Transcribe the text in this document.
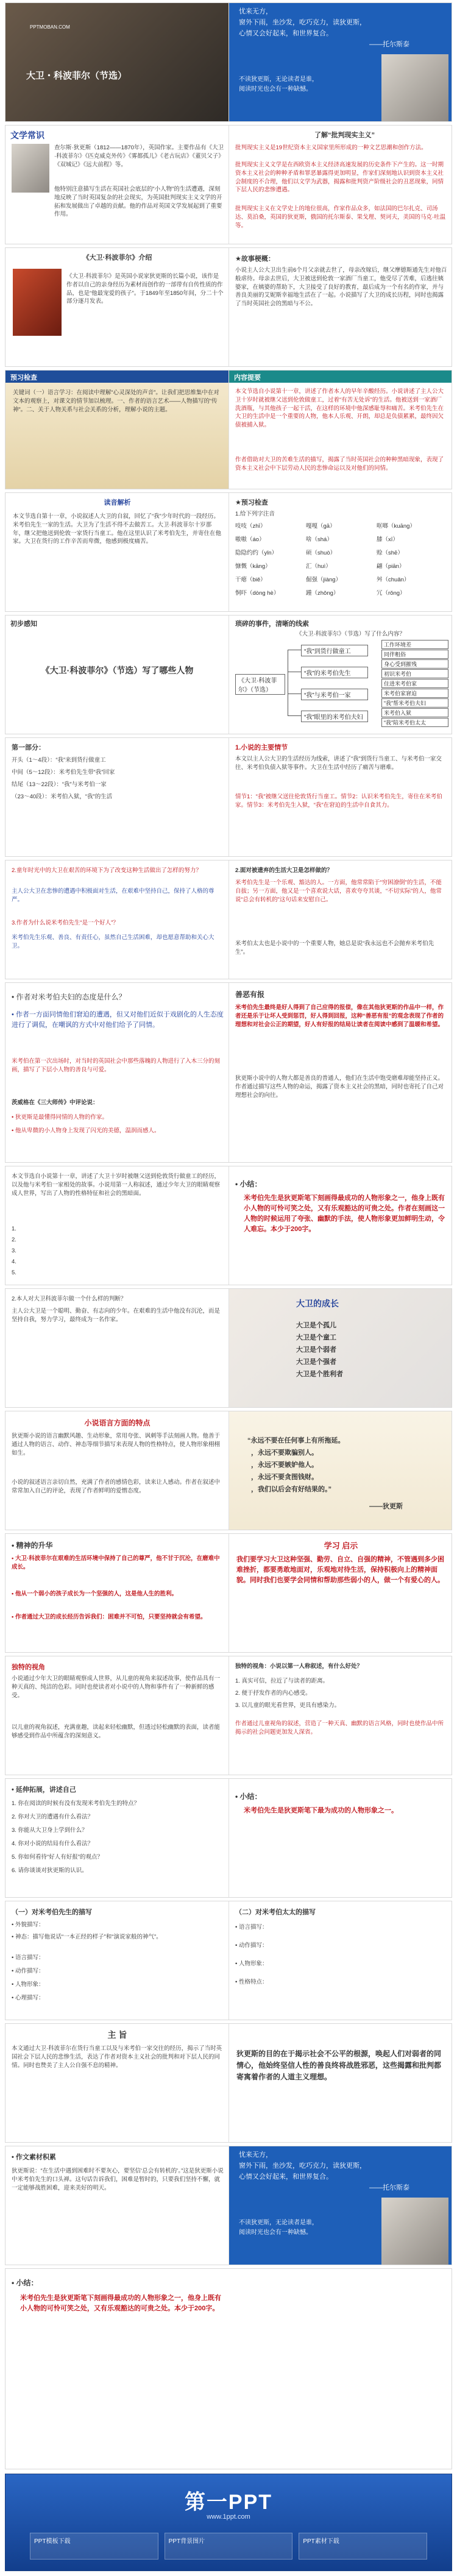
PPTMOBAN.COM
大卫・科波菲尔（节选）
忧来无方，
窗外下雨，坐沙发，吃巧克力，读狄更斯，
心情又会好起来，和世界复合。
——托尔斯泰
不读狄更斯，无论读者是谁，
阅读时光也会有一种缺憾。
文学常识
查尔斯·狄更斯（1812——1870年），英国作家。主要作品有《大卫·科波菲尔》《匹克威克外传》《雾都孤儿》《老古玩店》《董贝父子》《双城记》《远大前程》等。
他特别注意描写生活在英国社会底层的“小人物”的生活遭遇，深刻地反映了当时英国复杂的社会现实，为英国批判现实主义文学的开拓和发展做出了卓越的贡献。他的作品对英国文学发展起到了重要作用。
了解“批判现实主义”
批判现实主义是19世纪资本主义国家里所形成的一种文艺思潮和创作方法。
批判现实主义文学是在西欧资本主义经济高速发展的历史条件下产生的。这一时期资本主义社会的种种矛盾和罪恶暴露得更加明显，作家们深刻地认识到资本主义社会制度的不合理，他们以文学为武器，揭露和批判资产阶级社会的丑恶现象，同情下层人民的悲惨遭遇。
批判现实主义在文学史上的地位很高，作家作品众多，如法国的巴尔扎克、司汤达、莫泊桑，英国的狄更斯，俄国的托尔斯泰、果戈理、契诃夫，美国的马克·吐温等。
《大卫·科波菲尔》介绍
《大卫·科波菲尔》是英国小说家狄更斯的长篇小说，该作是作者以自己的亲身经历为素材而创作的一部带有自传性质的作品，也是“他最宠爱的孩子”。于1849年至1850年间，分二十个部分逐月发表。
★故事梗概：
小说主人公大卫出生前6个月父亲就去世了，母亲改嫁后，继父摩德斯通先生对他百般虐待。母亲去世后，大卫被送到伦敦一家酒厂当童工，他受尽了苦难，后逃往姨婆家，在姨婆的帮助下，大卫接受了良好的教育，最后成为一个有名的作家，并与善良美丽的艾妮斯幸福地生活在了一起。小说描写了大卫的成长历程，同时也揭露了当时英国社会的黑暗与不公。
预习检查
关键词（一）语言学习：在阅读中理解“心灵深处的声音”。让我们把思维集中在对文本的观察上，对课文的情节加以梳理。一、作者的语言艺术——人物描写的“传神”。二、关于人物关系与社会关系的分析，理解小说的主题。
内容提要
本文节选自小说第十一章，讲述了作者本人的早年辛酸经历。小说讲述了主人公大卫十岁时就被继父送到伦敦做童工，过着“有苦无处诉”的生活。他被送到一家酒厂洗酒瓶，与其他孩子一起干活，在这样的环境中他深感耻辱和痛苦。米考伯先生在大卫的生活中是一个重要的人物，他本人乐观、开朗，却总是负债累累，最终因欠债被捕入狱。
作者借助对大卫的苦难生活的描写，揭露了当时英国社会的种种黑暗现象，表现了资本主义社会中下层劳动人民的悲惨命运以及对他们的同情。
读音解析
本文节选自第十一章，小说叙述人大卫的自叙，回忆了“我”少年时代的一段经历。米考伯先生一家的生活。大卫为了生活不得不去做苦工。大卫·科波菲尔十岁那年，继父把他送到伦敦一家货行当童工。他在这里认识了米考伯先生，并寄住在他家。大卫在货行的工作辛苦而卑微，他感到极度痛苦。
★预习检查
1.给下列字注音
吱吱（zhī）	嘎嘎（gā）	哐啷（kuāng）
嗷嗷（áo）	啥（shá）	膝（xī）
隐隐约约（yǐn）	硕（shuò）	赊（shē）
慷慨（kāng）	汇（huì）	翩（piān）
干瘪（biě）	倔强（jiàng）	舛（chuǎn）
恫吓（dòng hè）	踵（zhǒng）	冗（rǒng）
初步感知
《大卫·科波菲尔》（节选）写了哪些人物
琐碎的事件，清晰的线索
《大卫·科波菲尔》（节选）写了什么内容？
《大卫·科波菲尔》（节选）
“我”到货行做童工
“我”的米考伯先生
“我”与米考伯一家
“我”眼里的米考伯夫妇
工作环境差
同伴粗俗
身心受到摧残
初识米考伯
住进米考伯家
米考伯家窘迫
“我”帮米考伯夫妇
米考伯入狱
“我”陪米考伯太太
第一部分：
开头（1～4段）：“我”来到货行做童工
中间（5～12段）：米考伯先生带“我”回家
结尾（13～22段）：“我”与米考伯一家
（23～40段）：米考伯入狱，“我”的生活
1.小说的主要情节
本文以主人公大卫的生活经历为线索，讲述了“我”到货行当童工、与米考伯一家交往、米考伯负债入狱等事件。大卫在生活中经历了痛苦与磨难。
情节1：“我”被继父送往伦敦货行当童工。情节2：认识米考伯先生，寄住在米考伯家。情节3：米考伯先生入狱，“我”在窘迫的生活中自食其力。
2.童年时光中的大卫在艰苦的环境下为了改变这种生活做出了怎样的努力？
主人公大卫在悲惨的遭遇中积极面对生活，在艰难中坚持自己，保持了人格的尊严。
3.作者为什么说米考伯先生“是一个好人”？
米考伯先生乐观、善良、有责任心，虽然自己生活困难，却也愿意帮助和关心大卫。
2.面对被遗弃的生活大卫是怎样做的？
米考伯先生是一个乐观、豁达的人。一方面，他常常陷于“穷困潦倒”的生活，不能自拔；另一方面，他又是一个喜欢说大话，喜欢夸夸其谈，“不切实际”的人，他常说“总会有转机的”这句话来安慰自己。
米考伯太太也是小说中的一个重要人物，她总是说“我永远也不会抛弃米考伯先生”。
• 作者对米考伯夫妇的态度是什么？
• 作者一方面同情他们窘迫的遭遇，但又对他们近似于戏剧化的人生态度进行了调侃，在嘲讽的方式中对他们给予了同情。
米考伯在第一次出场时，对当时的英国社会中那些落魄的人物进行了入木三分的刻画，描写了下层小人物的善良与可爱。
茨威格在《三大师传》中评论说：
• 狄更斯是最懂得同情的人物的作家。
• 他从卑微的小人物身上发现了闪光的美德，温润而感人。
善恶有报
米考伯先生最终是好人得到了自己应得的报偿，像在其他狄更斯的作品中一样，作者还是乐于让坏人受到惩罚，好人得到回报，这种“善恶有报”的观念表现了作者的理想和对社会公正的期望，好人有好报的结局让读者在阅读中感到了温暖和希望。
狄更斯小说中的人物大都是善良的普通人，他们在生活中饱受磨难却能坚持正义。作者通过描写这些人物的命运，揭露了资本主义社会的黑暗，同时也寄托了自己对理想社会的向往。
本文节选自小说第十一章，讲述了大卫十岁时被继父送到伦敦货行做童工的经历，以及他与米考伯一家相处的故事。小说用第一人称叙述，通过少年大卫的眼睛观察成人世界，写出了人物的性格特征和社会的黑暗面。
1.
2.
3.
4.
5.
• 小结：
米考伯先生是狄更斯笔下刻画得最成功的人物形象之一，他身上既有小人物的可怜可笑之处，又有乐观豁达的可贵之处。作者在刻画这一人物的时候运用了夸张、幽默的手法，使人物形象更加鲜明生动，令人难忘。本少于200字。
2.本人对大卫科波菲尔做一个什么样的判断？
主人公大卫是一个聪明、勤奋、有志向的少年。在艰难的生活中他没有沉沦，而是坚持自我，努力学习，最终成为一名作家。
大卫的成长
大卫是个孤儿
大卫是个童工
大卫是个弱者
大卫是个强者
大卫是个胜利者
小说语言方面的特点
狄更斯小说的语言幽默风趣、生动形象，常用夸张、讽刺等手法刻画人物。他善于通过人物的语言、动作、神态等细节描写来表现人物的性格特点，使人物形象栩栩如生。
小说的叙述语言亲切自然，充满了作者的感情色彩，读来让人感动。作者在叙述中常常加入自己的评论，表现了作者鲜明的爱憎态度。
“永远不要在任何事上有所拖延。
，永远不要欺骗别人。
，永远不要嫉妒他人。
，永远不要贪图钱财。
，我们以后会有好结果的。”
——狄更斯
• 精神的升华
• 大卫·科波菲尔在艰难的生活环境中保持了自己的尊严，他不甘于沉沦，在磨难中成长。
• 他从一个弱小的孩子成长为一个坚强的人，这是他人生的胜利。
• 作者通过大卫的成长经历告诉我们：困难并不可怕，只要坚持就会有希望。
学习 启示
我们要学习大卫这种坚强、勤劳、自立、自强的精神，不管遇到多少困难挫折，都要勇敢地面对，乐观地对待生活，保持积极向上的精神面貌。同时我们也要学会同情和帮助那些弱小的人，做一个有爱心的人。
独特的视角
小说通过少年大卫的眼睛观察成人世界，从儿童的视角来叙述故事，使作品具有一种天真的、纯洁的色彩。同时也使读者对小说中的人物和事件有了一种新鲜的感受。
以儿童的视角叙述，充满童趣，读起来轻松幽默，但透过轻松幽默的表面，读者能够感受到作品中所蕴含的深刻意义。
独特的视角：小说以第一人称叙述，有什么好处？
1. 真实可信，拉近了与读者的距离。
2. 便于抒发作者的内心感受。
3. 以儿童的眼光看世界，更具有感染力。
作者通过儿童视角的叙述，营造了一种天真、幽默的语言风格，同时也使作品中所揭示的社会问题更加发人深省。
• 延伸拓展，讲述自己
1. 你在阅读的时候有没有发现米考伯先生的特点？
2. 你对大卫的遭遇有什么看法？
3. 你能从大卫身上学到什么？
4. 你对小说的结局有什么看法？
5. 你如何看待“好人有好报”的观点？
6. 请你谈谈对狄更斯的认识。
• 小结：
米考伯先生是狄更斯笔下最为成功的人物形象之一。
（一）对米考伯先生的描写
• 外貌描写：
• 神态：描写他说话“一本正经的样子”和“演说家般的神气”。
• 语言描写：
• 动作描写：
• 人物形象：
• 心理描写：
（二）对米考伯太太的描写
• 语言描写：
• 动作描写：
• 人物形象：
• 性格特点：
主 旨
本文通过大卫·科波菲尔在货行当童工以及与米考伯一家交往的经历，揭示了当时英国社会下层人民的悲惨生活，表达了作者对资本主义社会的批判和对下层人民的同情。同时也赞美了主人公自强不息的精神。
狄更斯的目的在于揭示社会不公平的根源，唤起人们对弱者的同情心，他始终坚信人性的善良终将战胜邪恶，这些揭露和批判都寄寓着作者的人道主义理想。
• 作文素材积累
狄更斯说：“在生活中遇到困难时不要灰心，要坚信‘总会有转机的’。”这是狄更斯小说中米考伯先生的口头禅。这句话告诉我们，困难是暂时的，只要我们坚持不懈，就一定能够战胜困难，迎来美好的明天。
忧来无方，
窗外下雨，坐沙发，吃巧克力，读狄更斯，
心情又会好起来，和世界复合。
——托尔斯泰
不读狄更斯，无论读者是谁，
阅读时光也会有一种缺憾。
• 小结：
米考伯先生是狄更斯笔下刻画得最成功的人物形象之一，他身上既有小人物的可怜可笑之处，又有乐观豁达的可贵之处。本少于200字。
第一PPT
www.1ppt.com
PPT模板下载	PPT背景图片	PPT素材下载
